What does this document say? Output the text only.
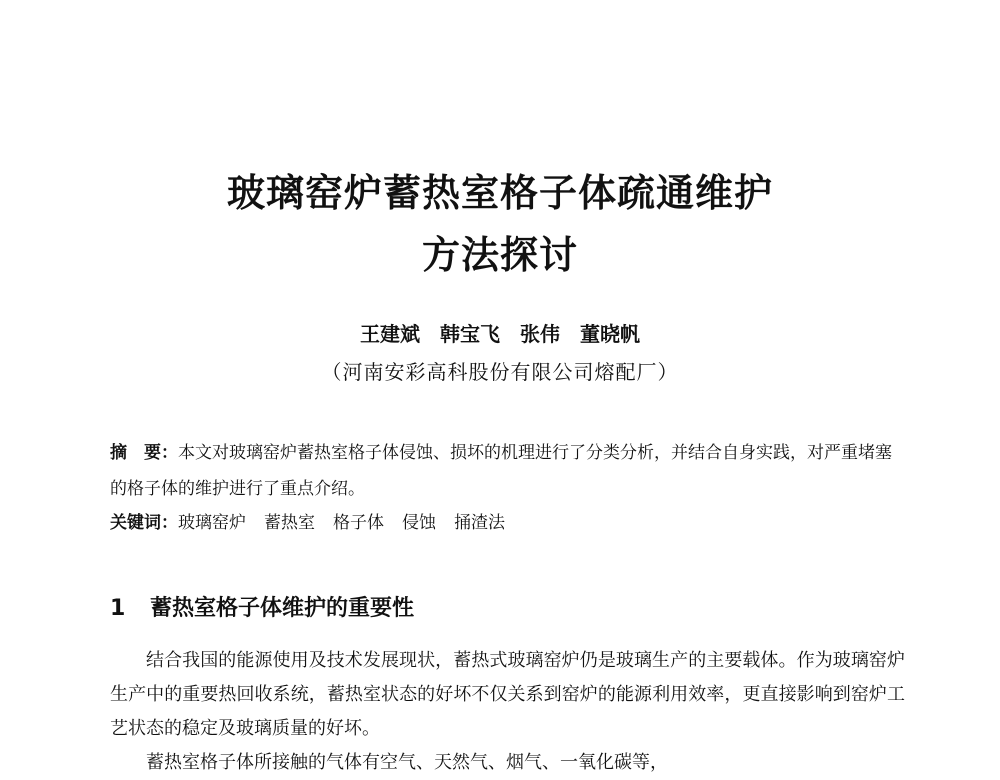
玻璃窑炉蓄热室格子体疏通维护
方法探讨
王建斌　韩宝飞　张伟　董晓帆
（河南安彩高科股份有限公司熔配厂）
摘　要：本文对玻璃窑炉蓄热室格子体侵蚀、损坏的机理进行了分类分析，并结合自身实践，对严重堵塞的格子体的维护进行了重点介绍。
关键词：玻璃窑炉 蓄热室 格子体 侵蚀 捅渣法
1 蓄热室格子体维护的重要性

结合我国的能源使用及技术发展现状，蓄热式玻璃窑炉仍是玻璃生产的主要载体。作为玻璃窑炉生产中的重要热回收系统，蓄热室状态的好坏不仅关系到窑炉的能源利用效率，更直接影响到窑炉工艺状态的稳定及玻璃质量的好坏。

蓄热室格子体所接触的气体有空气、天然气、烟气、一氧化碳等，
